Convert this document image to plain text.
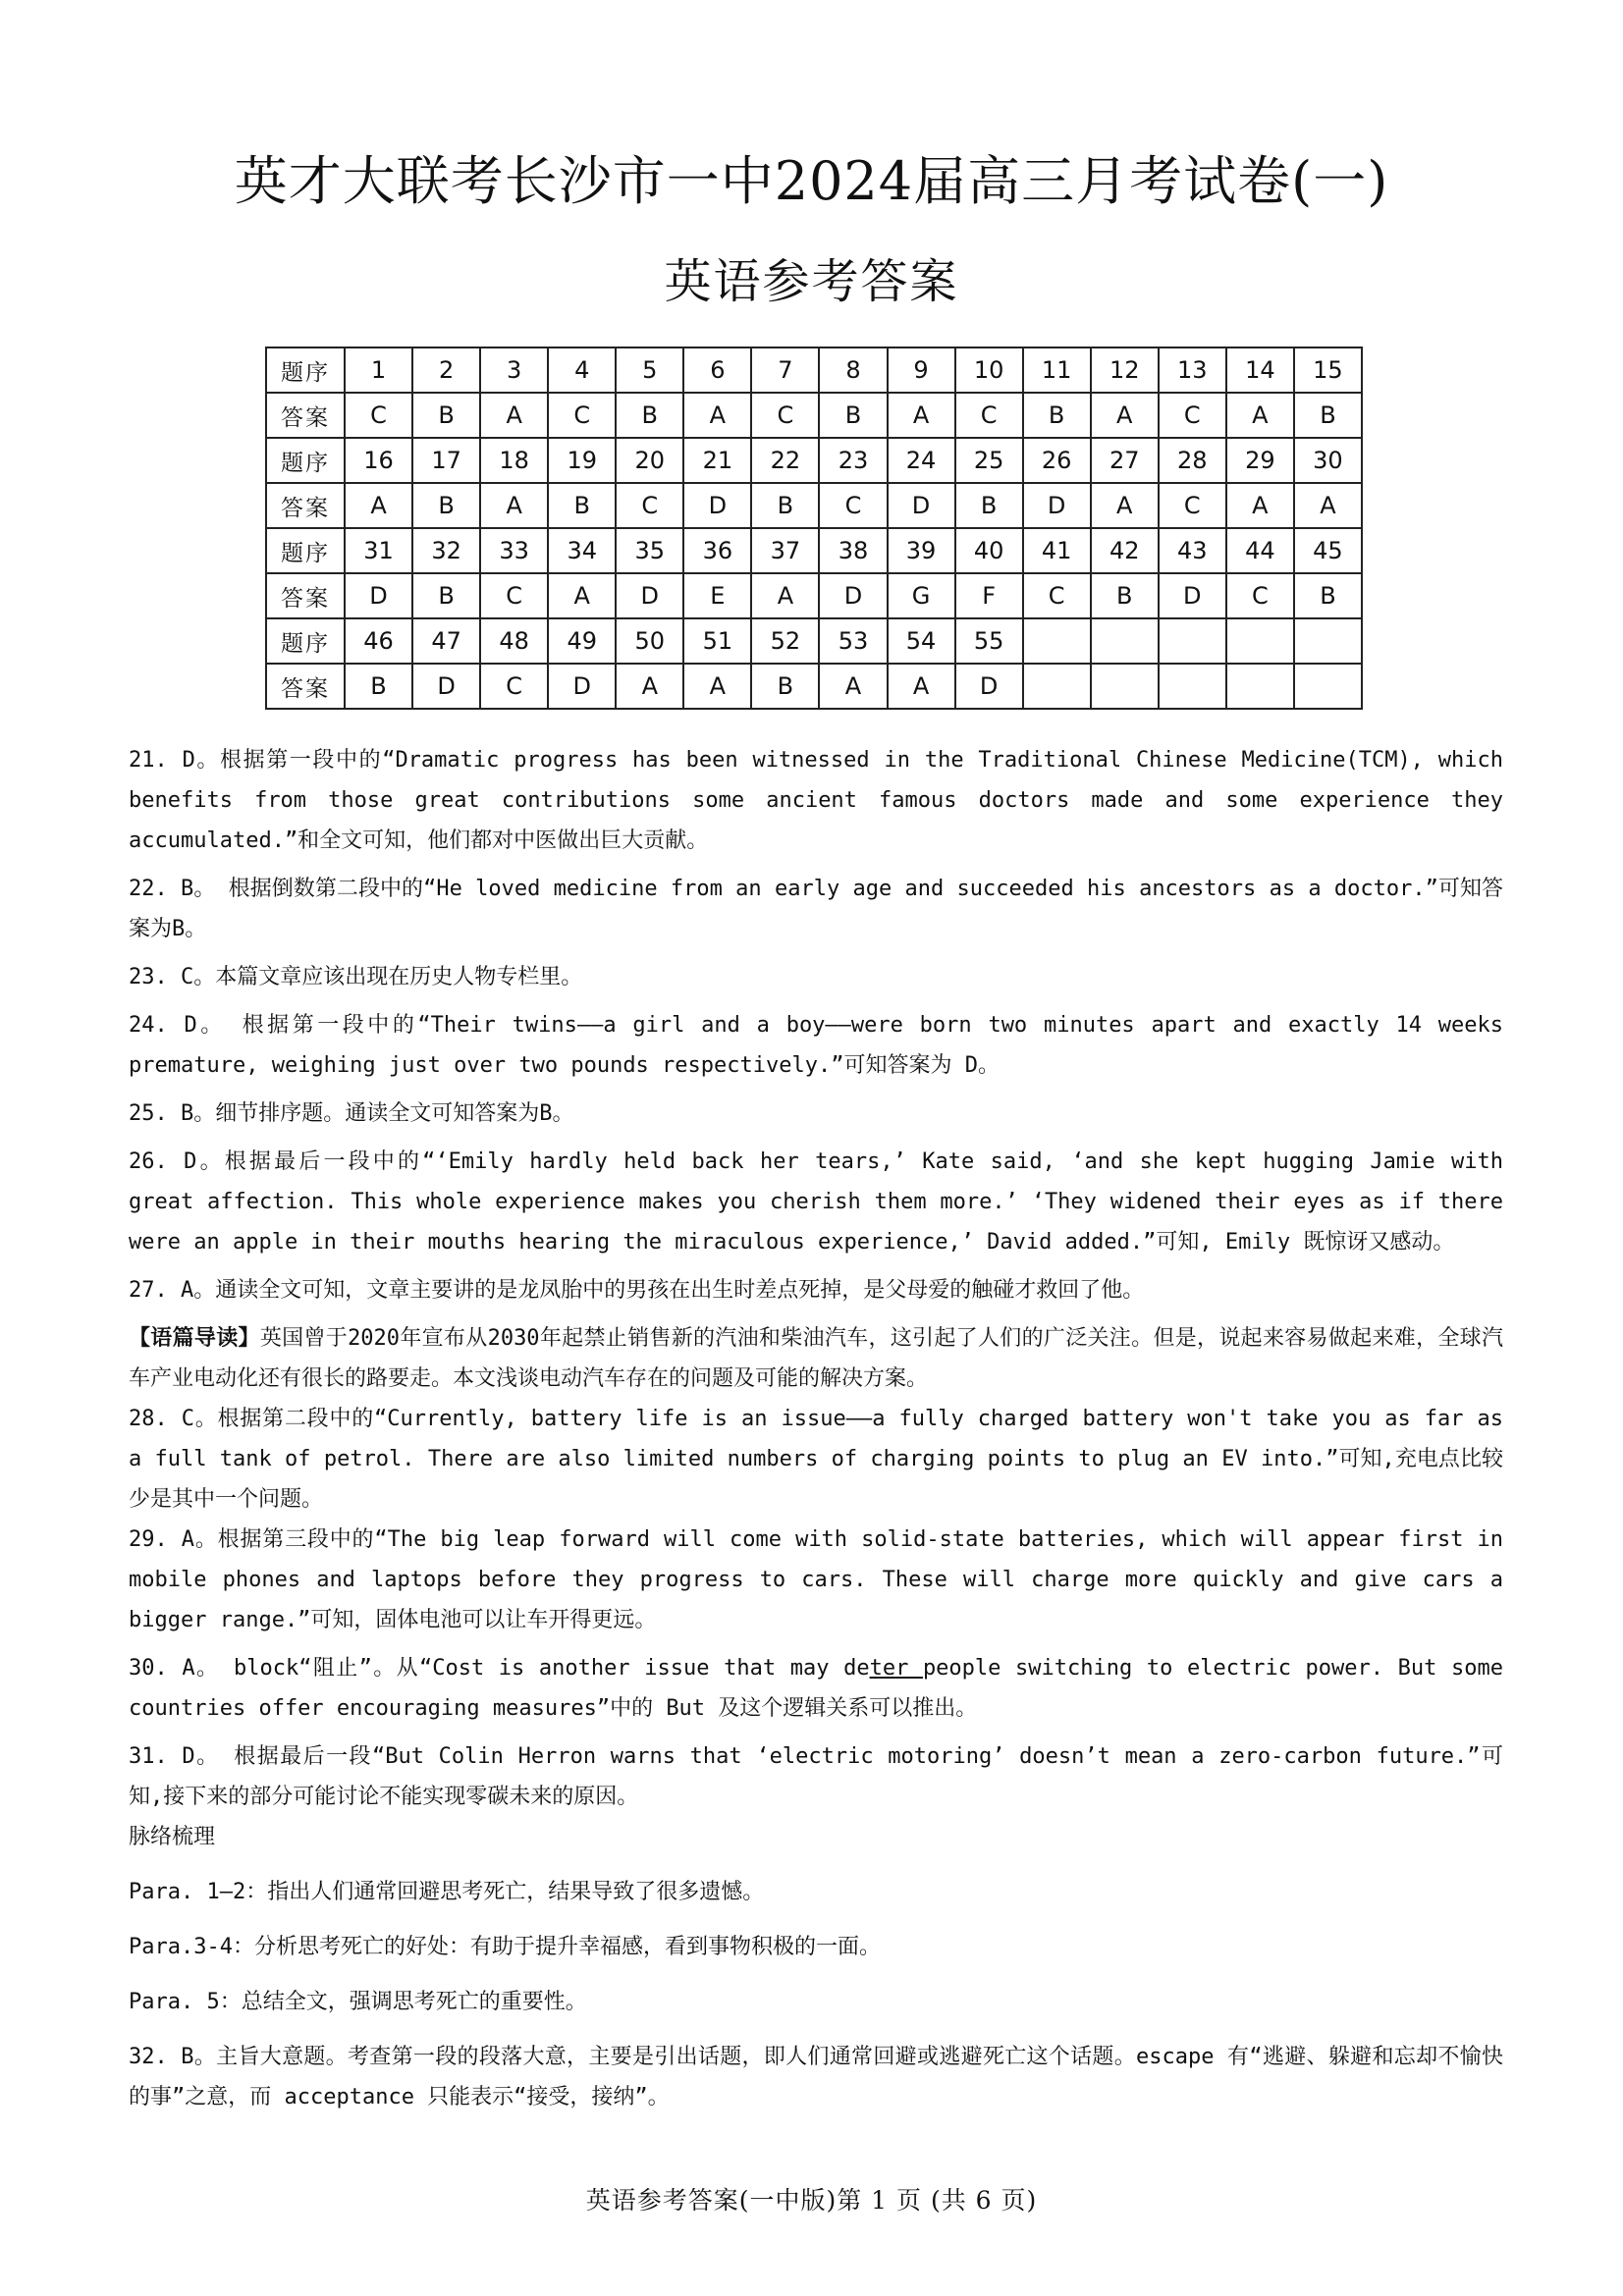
英才大联考长沙市一中2024届高三月考试卷(一)
英语参考答案
题序	1	2	3	4	5	6	7	8	9	10	11	12	13	14	15
答案	C	B	A	C	B	A	C	B	A	C	B	A	C	A	B
题序	16	17	18	19	20	21	22	23	24	25	26	27	28	29	30
答案	A	B	A	B	C	D	B	C	D	B	D	A	C	A	A
题序	31	32	33	34	35	36	37	38	39	40	41	42	43	44	45
答案	D	B	C	A	D	E	A	D	G	F	C	B	D	C	B
题序	46	47	48	49	50	51	52	53	54	55					
答案	B	D	C	D	A	A	B	A	A	D					

21. D。根据第一段中的“Dramatic progress has been witnessed in the Traditional Chinese Medicine(TCM), which benefits from those great contributions some ancient famous doctors made and some experience they accumulated.”和全文可知，他们都对中医做出巨大贡献。

22. B。 根据倒数第二段中的“He loved medicine from an early age and succeeded his ancestors as a doctor.”可知答案为B。

23. C。本篇文章应该出现在历史人物专栏里。

24. D。 根据第一段中的“Their twins——a girl and a boy——were born two minutes apart and exactly 14 weeks premature, weighing just over two pounds respectively.”可知答案为 D。

25. B。细节排序题。通读全文可知答案为B。

26. D。根据最后一段中的“‘Emily hardly held back her tears,’ Kate said, ‘and she kept hugging Jamie with great affection. This whole experience makes you cherish them more.’ ‘They widened their eyes as if there were an apple in their mouths hearing the miraculous experience,’ David added.”可知, Emily 既惊讶又感动。

27. A。通读全文可知，文章主要讲的是龙凤胎中的男孩在出生时差点死掉，是父母爱的触碰才救回了他。

【语篇导读】英国曾于2020年宣布从2030年起禁止销售新的汽油和柴油汽车，这引起了人们的广泛关注。但是，说起来容易做起来难，全球汽车产业电动化还有很长的路要走。本文浅谈电动汽车存在的问题及可能的解决方案。

28. C。根据第二段中的“Currently, battery life is an issue——a fully charged battery won't take you as far as a full tank of petrol. There are also limited numbers of charging points to plug an EV into.”可知,充电点比较少是其中一个问题。

29. A。根据第三段中的“The big leap forward will come with solid-state batteries, which will appear first in mobile phones and laptops before they progress to cars. These will charge more quickly and give cars a bigger range.”可知，固体电池可以让车开得更远。

30. A。 block“阻止”。从“Cost is another issue that may deter people switching to electric power. But some countries offer encouraging measures”中的 But 及这个逻辑关系可以推出。

31. D。 根据最后一段“But Colin Herron warns that ‘electric motoring’ doesn’t mean a zero-carbon future.”可知,接下来的部分可能讨论不能实现零碳未来的原因。

脉络梳理

Para. 1—2：指出人们通常回避思考死亡，结果导致了很多遗憾。

Para.3-4：分析思考死亡的好处：有助于提升幸福感，看到事物积极的一面。

Para. 5：总结全文，强调思考死亡的重要性。

32. B。主旨大意题。考查第一段的段落大意，主要是引出话题，即人们通常回避或逃避死亡这个话题。escape 有“逃避、躲避和忘却不愉快的事”之意，而 acceptance 只能表示“接受，接纳”。

英语参考答案(一中版)第 1 页 (共 6 页)
